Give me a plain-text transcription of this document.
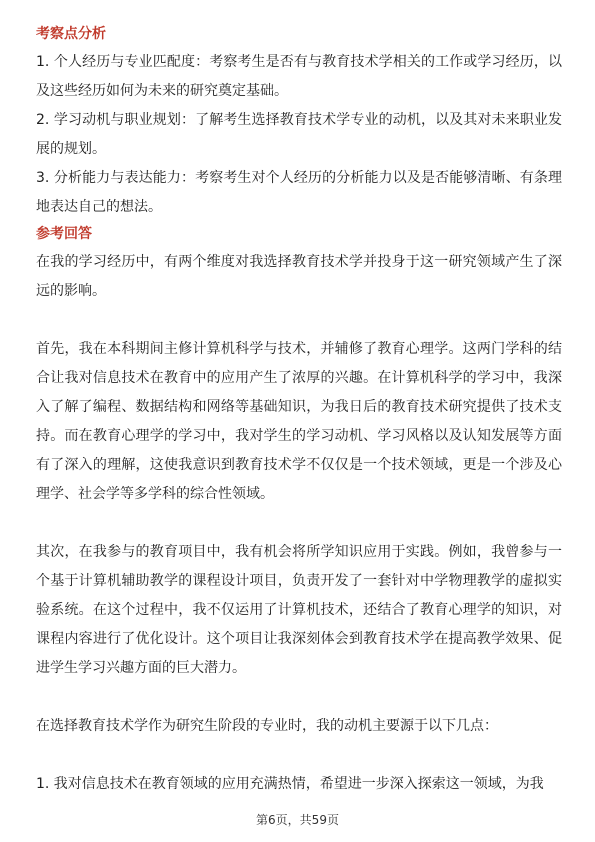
考察点分析

1. 个人经历与专业匹配度：考察考生是否有与教育技术学相关的工作或学习经历，以及这些经历如何为未来的研究奠定基础。

2. 学习动机与职业规划：了解考生选择教育技术学专业的动机，以及其对未来职业发展的规划。

3. 分析能力与表达能力：考察考生对个人经历的分析能力以及是否能够清晰、有条理地表达自己的想法。

参考回答

在我的学习经历中，有两个维度对我选择教育技术学并投身于这一研究领域产生了深远的影响。

首先，我在本科期间主修计算机科学与技术，并辅修了教育心理学。这两门学科的结合让我对信息技术在教育中的应用产生了浓厚的兴趣。在计算机科学的学习中，我深入了解了编程、数据结构和网络等基础知识，为我日后的教育技术研究提供了技术支持。而在教育心理学的学习中，我对学生的学习动机、学习风格以及认知发展等方面有了深入的理解，这使我意识到教育技术学不仅仅是一个技术领域，更是一个涉及心理学、社会学等多学科的综合性领域。

其次，在我参与的教育项目中，我有机会将所学知识应用于实践。例如，我曾参与一个基于计算机辅助教学的课程设计项目，负责开发了一套针对中学物理教学的虚拟实验系统。在这个过程中，我不仅运用了计算机技术，还结合了教育心理学的知识，对课程内容进行了优化设计。这个项目让我深刻体会到教育技术学在提高教学效果、促进学生学习兴趣方面的巨大潜力。

在选择教育技术学作为研究生阶段的专业时，我的动机主要源于以下几点：

1. 我对信息技术在教育领域的应用充满热情，希望进一步深入探索这一领域，为我

第6页，共59页
